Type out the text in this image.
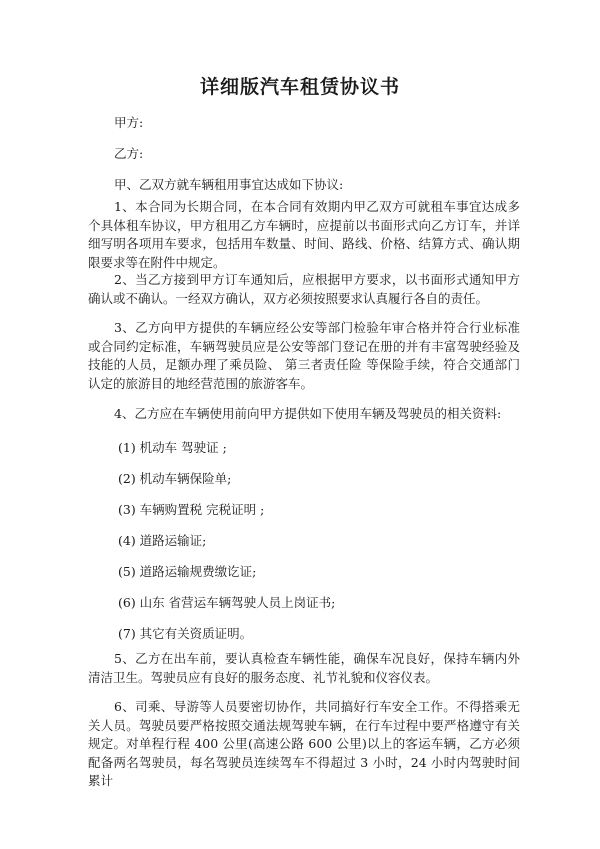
详细版汽车租赁协议书

甲方:

乙方:

甲、乙双方就车辆租用事宜达成如下协议:

1、本合同为长期合同，在本合同有效期内甲乙双方可就租车事宜达成多个具体租车协议，甲方租用乙方车辆时，应提前以书面形式向乙方订车，并详细写明各项用车要求，包括用车数量、时间、路线、价格、结算方式、确认期限要求等在附件中规定。

2、当乙方接到甲方订车通知后，应根据甲方要求，以书面形式通知甲方确认或不确认。一经双方确认，双方必须按照要求认真履行各自的责任。

3、乙方向甲方提供的车辆应经公安等部门检验年审合格并符合行业标准或合同约定标准，车辆驾驶员应是公安等部门登记在册的并有丰富驾驶经验及技能的人员，足额办理了乘员险、 第三者责任险 等保险手续，符合交通部门认定的旅游目的地经营范围的旅游客车。

4、乙方应在车辆使用前向甲方提供如下使用车辆及驾驶员的相关资料:

(1) 机动车 驾驶证 ;

(2) 机动车辆保险单;

(3) 车辆购置税 完税证明 ;

(4) 道路运输证;

(5) 道路运输规费缴讫证;

(6) 山东 省营运车辆驾驶人员上岗证书;

(7) 其它有关资质证明。

5、乙方在出车前，要认真检查车辆性能，确保车况良好，保持车辆内外清洁卫生。驾驶员应有良好的服务态度、礼节礼貌和仪容仪表。

6、司乘、导游等人员要密切协作，共同搞好行车安全工作。不得搭乘无关人员。驾驶员要严格按照交通法规驾驶车辆，在行车过程中要严格遵守有关规定。对单程行程 400 公里(高速公路 600 公里)以上的客运车辆，乙方必须配备两名驾驶员，每名驾驶员连续驾车不得超过 3 小时，24 小时内驾驶时间累计
